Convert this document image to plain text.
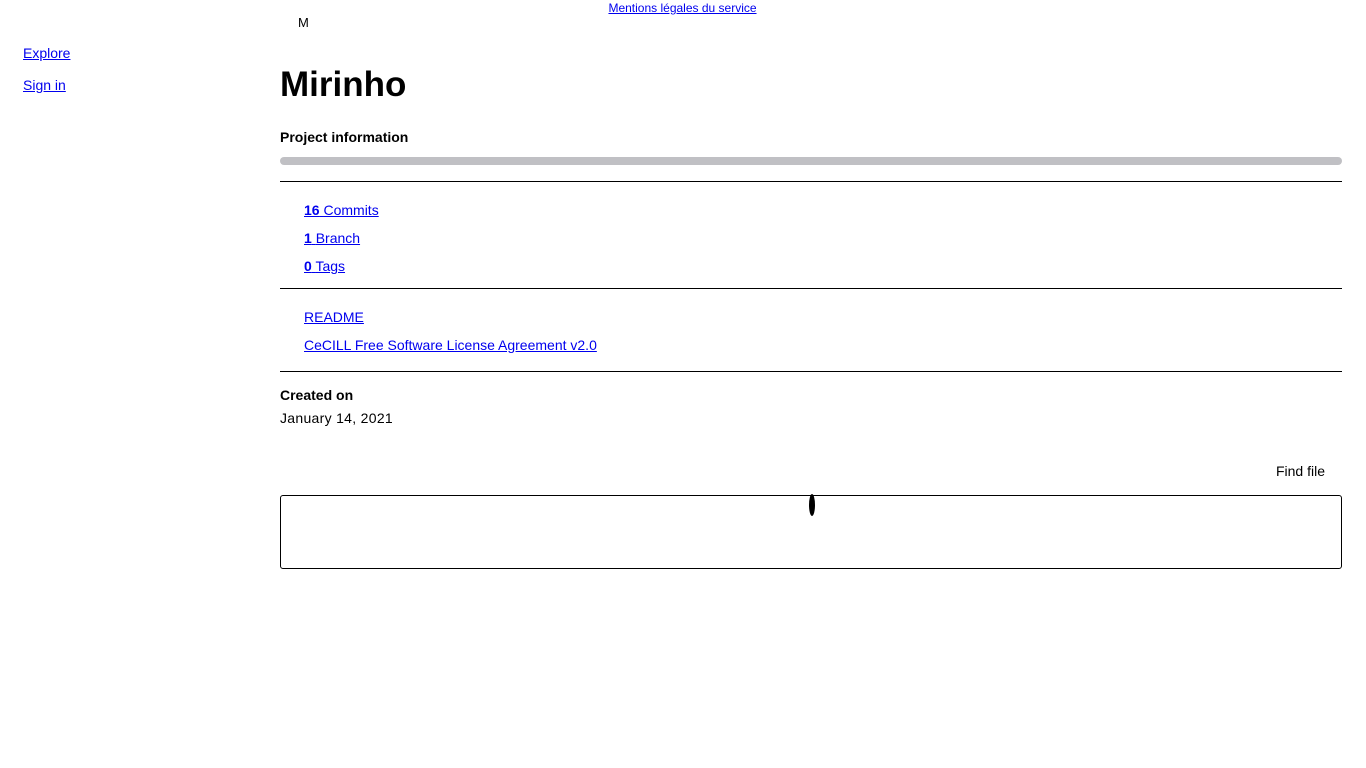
Mentions légales du service
M
Explore
Sign in	Mirinho
Project information
16 Commits
1 Branch
0 Tags
README
CeCILL Free Software License Agreement v2.0
Created on
January 14, 2021
Find file
